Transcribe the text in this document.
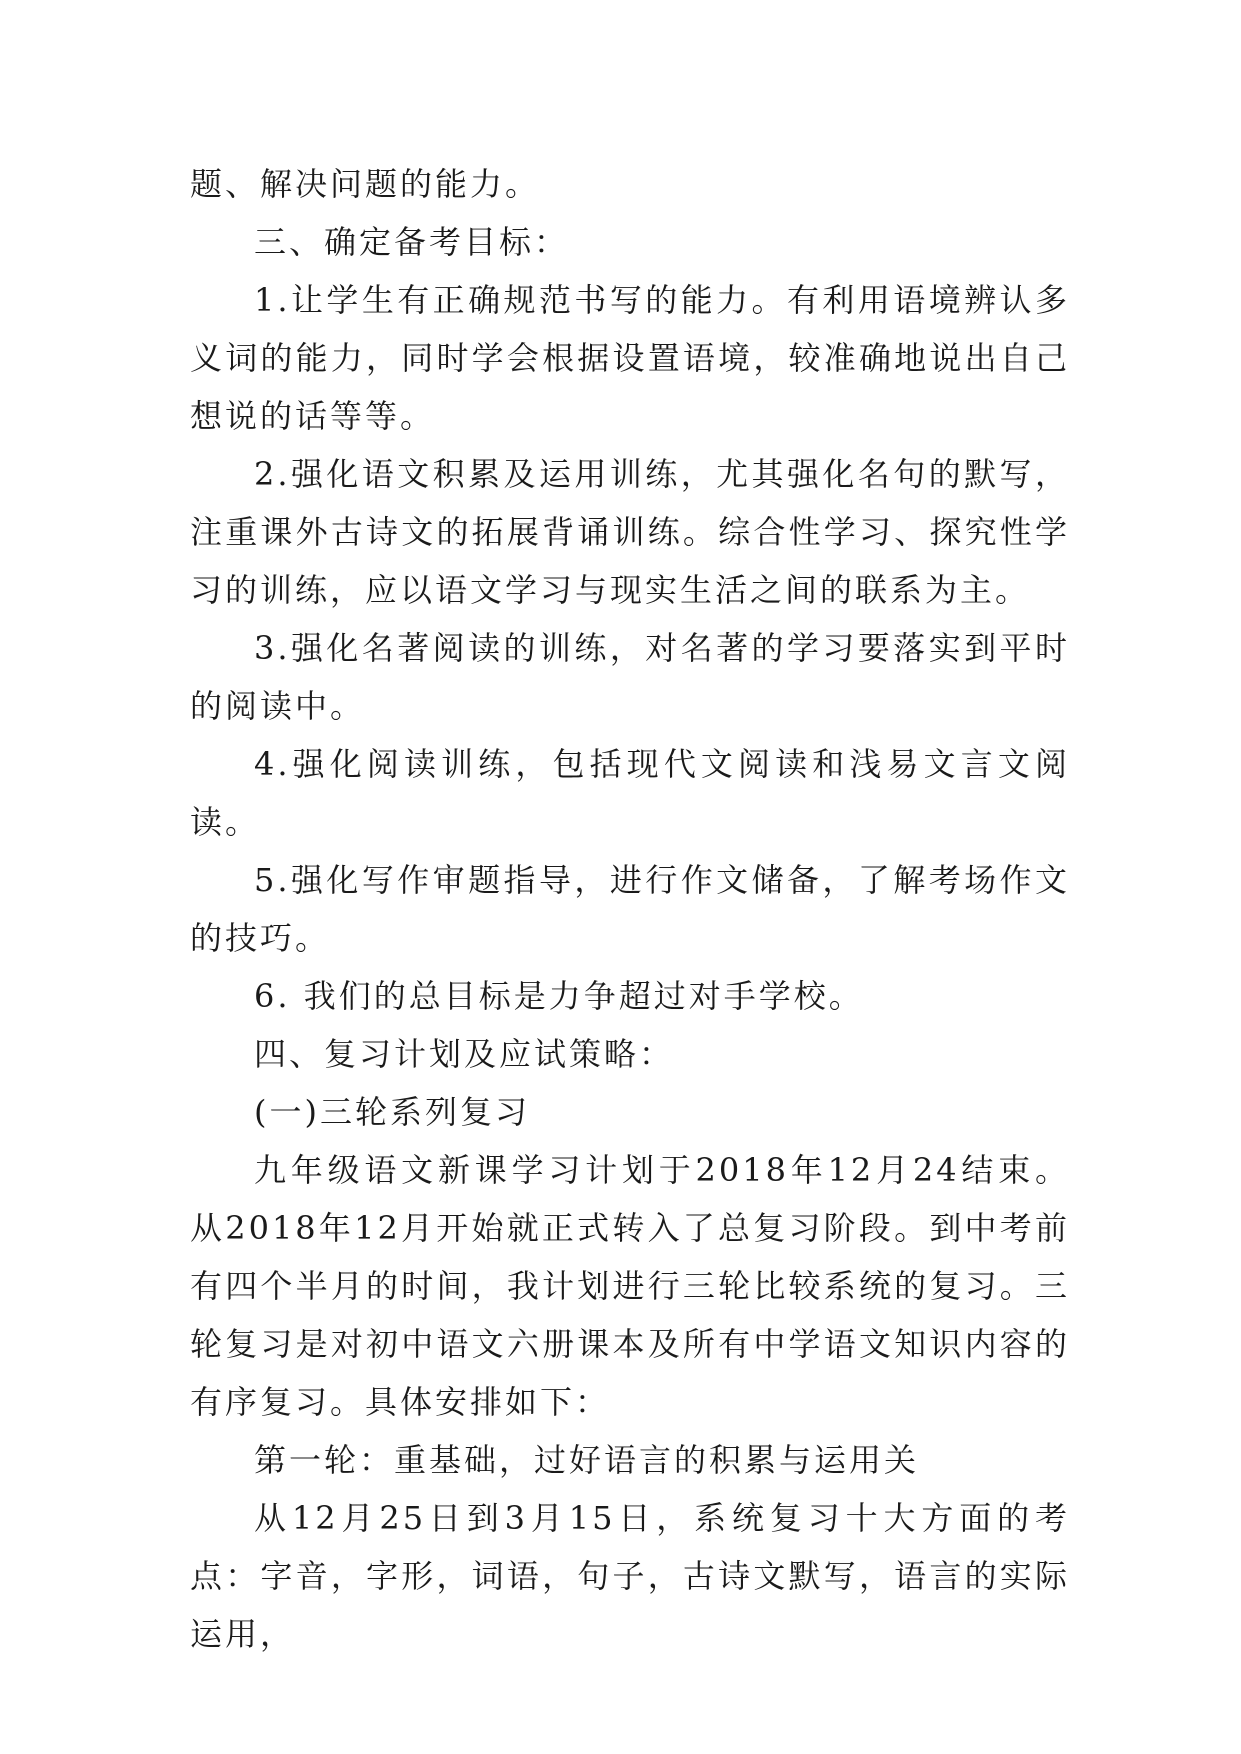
题、解决问题的能力。

三、确定备考目标：

1.让学生有正确规范书写的能力。有利用语境辨认多义词的能力，同时学会根据设置语境，较准确地说出自己想说的话等等。

2.强化语文积累及运用训练，尤其强化名句的默写，注重课外古诗文的拓展背诵训练。综合性学习、探究性学习的训练，应以语文学习与现实生活之间的联系为主。

3.强化名著阅读的训练，对名著的学习要落实到平时的阅读中。

4.强化阅读训练，包括现代文阅读和浅易文言文阅读。

5.强化写作审题指导，进行作文储备，了解考场作文的技巧。

6. 我们的总目标是力争超过对手学校。

四、复习计划及应试策略：

(一)三轮系列复习

九年级语文新课学习计划于2018年12月24结束。从2018年12月开始就正式转入了总复习阶段。到中考前有四个半月的时间，我计划进行三轮比较系统的复习。三轮复习是对初中语文六册课本及所有中学语文知识内容的有序复习。具体安排如下：

第一轮：重基础，过好语言的积累与运用关

从12月25日到3月15日，系统复习十大方面的考点：字音，字形，词语，句子，古诗文默写，语言的实际运用，
